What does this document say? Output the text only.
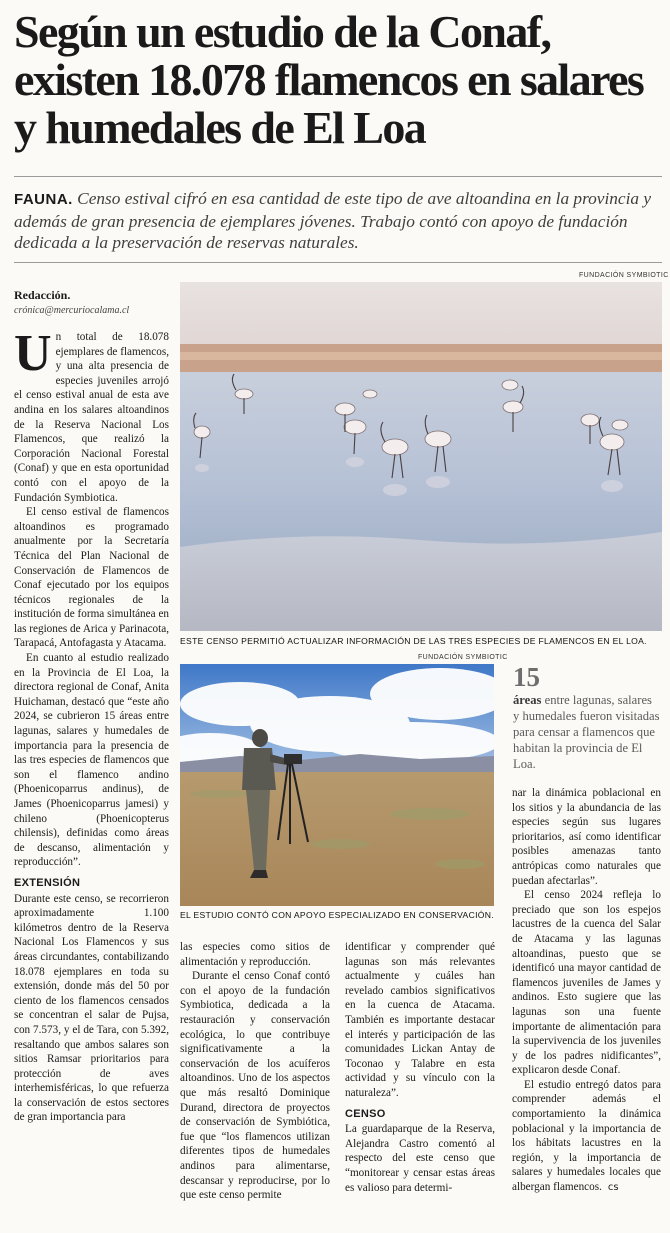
Según un estudio de la Conaf, existen 18.078 flamencos en salares y humedales de El Loa
FAUNA. Censo estival cifró en esa cantidad de este tipo de ave altoandina en la provincia y además de gran presencia de ejemplares jóvenes. Trabajo contó con apoyo de fundación dedicada a la preservación de reservas naturales.
Redacción.
crónica@mercuriocalama.cl
FUNDACIÓN SYMBIOTIC
ESTE CENSO PERMITIÓ ACTUALIZAR INFORMACIÓN DE LAS TRES ESPECIES DE FLAMENCOS EN EL LOA.
FUNDACIÓN SYMBIOTIC
EL ESTUDIO CONTÓ CON APOYO ESPECIALIZADO EN CONSERVACIÓN.
15
áreas entre lagunas, salares y humedales fueron visitadas para censar a flamencos que habitan la provincia de El Loa.

Un total de 18.078 ejemplares de flamencos, y una alta presencia de especies juveniles arrojó el censo estival anual de esta ave andina en los salares altoandinos de la Reserva Nacional Los Flamencos, que realizó la Corporación Nacional Forestal (Conaf) y que en esta oportunidad contó con el apoyo de la Fundación Symbiotica.

El censo estival de flamencos altoandinos es programado anualmente por la Secretaría Técnica del Plan Nacional de Conservación de Flamencos de Conaf ejecutado por los equipos técnicos regionales de la institución de forma simultánea en las regiones de Arica y Parinacota, Tarapacá, Antofagasta y Atacama.

En cuanto al estudio realizado en la Provincia de El Loa, la directora regional de Conaf, Anita Huichaman, destacó que “este año 2024, se cubrieron 15 áreas entre lagunas, salares y humedales de importancia para la presencia de las tres especies de flamencos que son el flamenco andino (Phoenicoparrus andinus), de James (Phoenicoparrus jamesi) y chileno (Phoenicopterus chilensis), definidas como áreas de descanso, alimentación y reproducción”.

EXTENSIÓN

Durante este censo, se recorrieron aproximadamente 1.100 kilómetros dentro de la Reserva Nacional Los Flamencos y sus áreas circundantes, contabilizando 18.078 ejemplares en toda su extensión, donde más del 50 por ciento de los flamencos censados se concentran el salar de Pujsa, con 7.573, y el de Tara, con 5.392, resaltando que ambos salares son sitios Ramsar prioritarios para protección de aves interhemisféricas, lo que refuerza la conservación de estos sectores de gran importancia para

las especies como sitios de alimentación y reproducción.

Durante el censo Conaf contó con el apoyo de la fundación Symbiotica, dedicada a la restauración y conservación ecológica, lo que contribuye significativamente a la conservación de los acuíferos altoandinos. Uno de los aspectos que más resaltó Dominique Durand, directora de proyectos de conservación de Symbiótica, fue que “los flamencos utilizan diferentes tipos de humedales andinos para alimentarse, descansar y reproducirse, por lo que este censo permite

identificar y comprender qué lagunas son más relevantes actualmente y cuáles han revelado cambios significativos en la cuenca de Atacama. También es importante destacar el interés y participación de las comunidades Lickan Antay de Toconao y Talabre en esta actividad y su vínculo con la naturaleza”.

CENSO

La guardaparque de la Reserva, Alejandra Castro comentó al respecto del este censo que “monitorear y censar estas áreas es valioso para determi-

nar la dinámica poblacional en los sitios y la abundancia de las especies según sus lugares prioritarios, así como identificar posibles amenazas tanto antrópicas como naturales que puedan afectarlas”.

El censo 2024 refleja lo preciado que son los espejos lacustres de la cuenca del Salar de Atacama y las lagunas altoandinas, puesto que se identificó una mayor cantidad de flamencos juveniles de James y andinos. Esto sugiere que las lagunas son una fuente importante de alimentación para la supervivencia de los juveniles y de los padres nidificantes”, explicaron desde Conaf.

El estudio entregó datos para comprender además el comportamiento la dinámica poblacional y la importancia de los hábitats lacustres en la región, y la importancia de salares y humedales locales que albergan flamencos. cs
